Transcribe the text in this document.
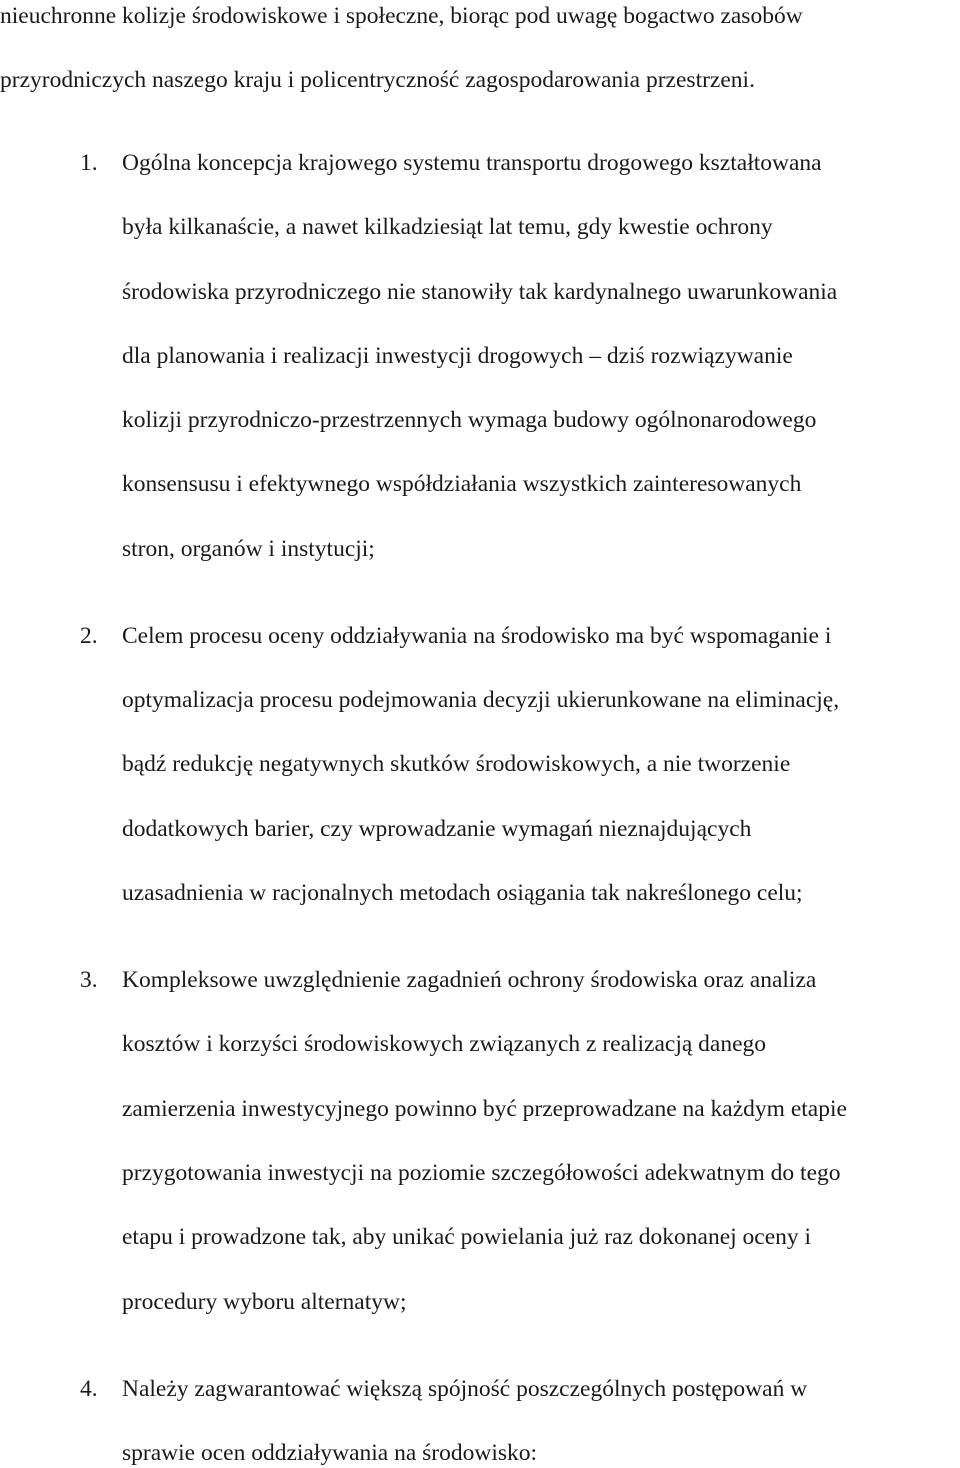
nieuchronne kolizje środowiskowe i społeczne, biorąc pod uwagę bogactwo zasobów
przyrodniczych naszego kraju i policentryczność zagospodarowania przestrzeni.
1. Ogólna koncepcja krajowego systemu transportu drogowego kształtowana
była kilkanaście, a nawet kilkadziesiąt lat temu, gdy kwestie ochrony
środowiska przyrodniczego nie stanowiły tak kardynalnego uwarunkowania
dla planowania i realizacji inwestycji drogowych – dziś rozwiązywanie
kolizji przyrodniczo-przestrzennych wymaga budowy ogólnonarodowego
konsensusu i efektywnego współdziałania wszystkich zainteresowanych
stron, organów i instytucji;
2. Celem procesu oceny oddziaływania na środowisko ma być wspomaganie i
optymalizacja procesu podejmowania decyzji ukierunkowane na eliminację,
bądź redukcję negatywnych skutków środowiskowych, a nie tworzenie
dodatkowych barier, czy wprowadzanie wymagań nieznajdujących
uzasadnienia w racjonalnych metodach osiągania tak nakreślonego celu;
3. Kompleksowe uwzględnienie zagadnień ochrony środowiska oraz analiza
kosztów i korzyści środowiskowych związanych z realizacją danego
zamierzenia inwestycyjnego powinno być przeprowadzane na każdym etapie
przygotowania inwestycji na poziomie szczegółowości adekwatnym do tego
etapu i prowadzone tak, aby unikać powielania już raz dokonanej oceny i
procedury wyboru alternatyw;
4. Należy zagwarantować większą spójność poszczególnych postępowań w
sprawie ocen oddziaływania na środowisko:
